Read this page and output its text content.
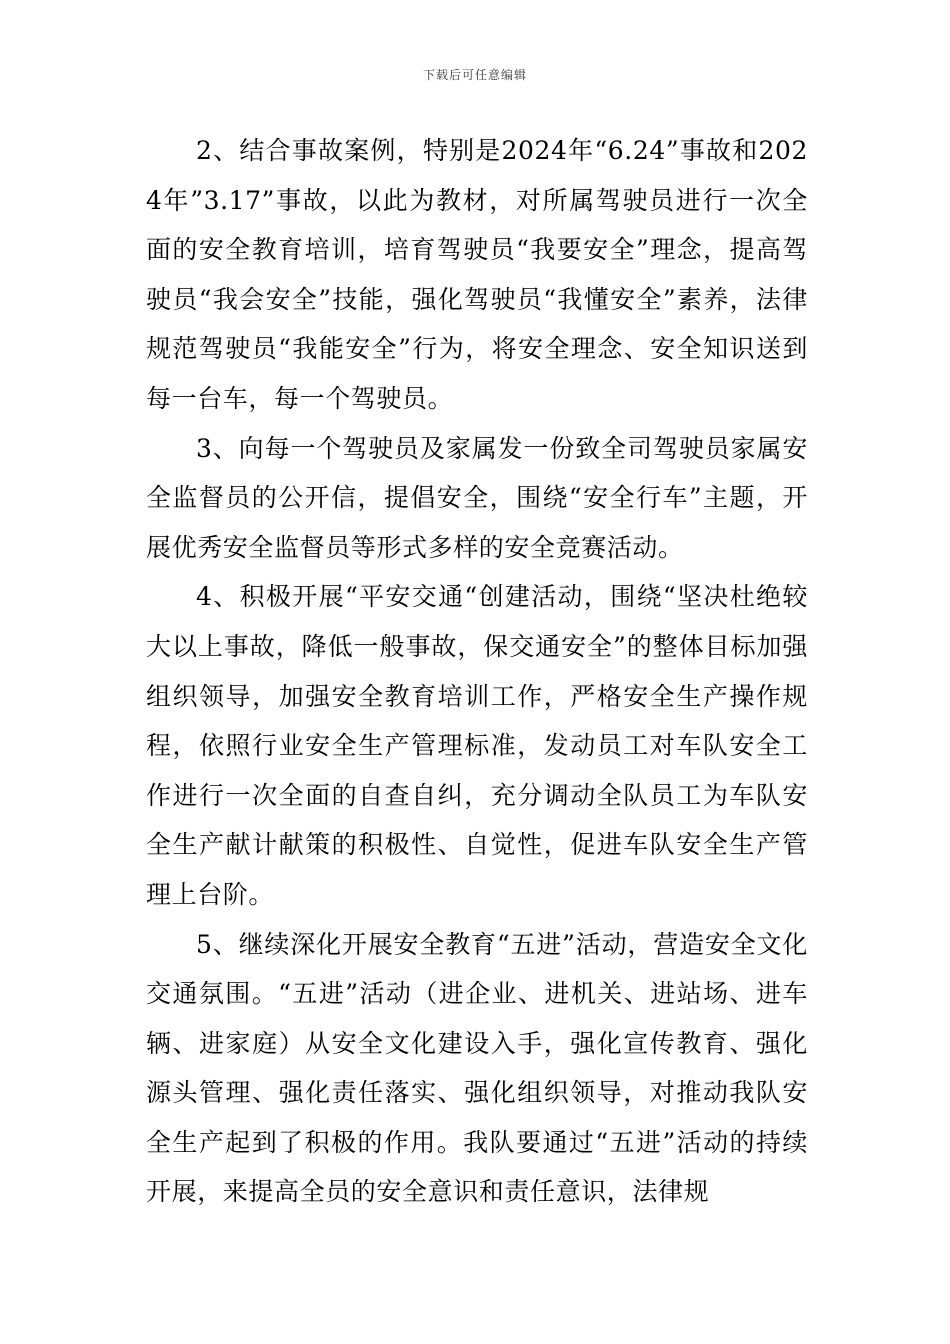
下载后可任意编辑

2、结合事故案例，特别是2024年“6.24”事故和2024年”3.17”事故，以此为教材，对所属驾驶员进行一次全面的安全教育培训，培育驾驶员“我要安全”理念，提高驾驶员“我会安全”技能，强化驾驶员“我懂安全”素养，法律规范驾驶员“我能安全”行为，将安全理念、安全知识送到每一台车，每一个驾驶员。

3、向每一个驾驶员及家属发一份致全司驾驶员家属安全监督员的公开信，提倡安全，围绕“安全行车”主题，开展优秀安全监督员等形式多样的安全竞赛活动。

4、积极开展“平安交通“创建活动，围绕“坚决杜绝较大以上事故，降低一般事故，保交通安全”的整体目标加强组织领导，加强安全教育培训工作，严格安全生产操作规程，依照行业安全生产管理标准，发动员工对车队安全工作进行一次全面的自查自纠，充分调动全队员工为车队安全生产献计献策的积极性、自觉性，促进车队安全生产管理上台阶。

5、继续深化开展安全教育“五进”活动，营造安全文化交通氛围。“五进”活动（进企业、进机关、进站场、进车辆、进家庭）从安全文化建设入手，强化宣传教育、强化源头管理、强化责任落实、强化组织领导，对推动我队安全生产起到了积极的作用。我队要通过“五进”活动的持续开展，来提高全员的安全意识和责任意识，法律规
